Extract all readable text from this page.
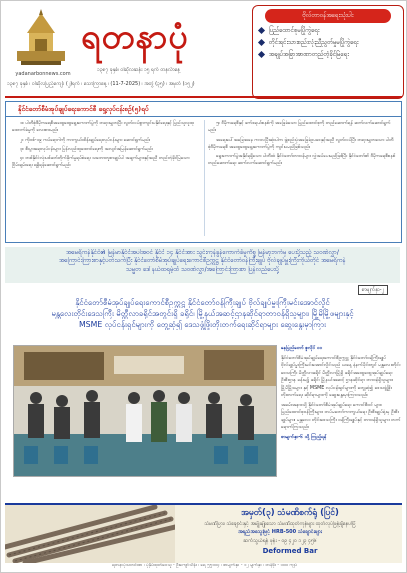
yadanarbonnews.com
ရတနာပုံ
၁၃၈၇ ခုနှစ်၊ ဝါဆိုလဆန်း ၁၅ ရက် တနင်္လာနေ့
၁၃၈၇ ခုနှစ် ၊ ဝါဆိုလပြည့်ကျော် (၂)ရက် ၊ သောကြာနေ့ ၊ (11-7-2025) ၊ အတွဲ (၃၅) ၊ အမှတ် (၁၅၂)
ဗိုလ်တာဝန်အရေးသုံးပါး
ပြည်ထောင်စုမပြိုကွဲရေး
တိုင်းရင်းသားစည်းလုံးညီညွတ်မှုမပြိုကွဲရေး
အချုပ်အခြာအာဏာတည်တံ့ခိုင်မြဲရေး
နိုင်ငံတော်စီမံအုပ်ချုပ်ရေးကောင်စီ ရှေ့လုပ်ငန်းစဉ်(၅)ရပ်

၁။ ပါတီစုံဒီမိုကရေစီအထွေထွေရွေးကောက်ပွဲကို တရားမျှတပြီး လွတ်လပ်စွာကျင်းပနိုင်ရေးနှင့် ပြည်သူလူထုထောက်ခံမှုကို လေးစားမည်။

၂။ ကိုဗစ်-၁၉ ကပ်ရောဂါကို ကာကွယ်ထိန်းချုပ်ရေးလုပ်ငန်းများ ဆောင်ရွက်မည်။

၃။ စီးပွားရေးလုပ်ငန်းများ ပြန်လည်ထူထောင်ရေးကို အလျင်အမြန်ဆောင်ရွက်မည်။

၄။ တစ်နိုင်ငံလုံးပစ်ခတ်တိုက်ခိုက်မှုရပ်စဲရေး သဘောတူစာချုပ်ပါ အချက်များနှင့်အညီ တည်တံ့ခိုင်မြဲသော ငြိမ်းချမ်းရေး ရရှိရန်ဆောင်ရွက်မည်။

၅။ ဒီမိုကရေစီနှင့် ဖက်ဒရယ်စနစ်ကို အခြေခံသော ပြည်ထောင်စုကို တည်ဆောက်ရန် ဆက်လက်ဆောင်ရွက်မည်။

အရေးပေါ်အခြေအနေ ကာလပြီးဆုံးပါက ဖွဲ့စည်းပုံအခြေခံဥပဒေနှင့်အညီ လွတ်လပ်ပြီး တရားမျှတသော ပါတီစုံဒီမိုကရေစီ အထွေထွေရွေးကောက်ပွဲကို ကျင်းပမည်ဖြစ်သည်။

ရွေးကောက်ပွဲအနိုင်ရရှိသော ပါတီထံ နိုင်ငံတော်တာဝန်များ လွှဲအပ်ပေးမည်ဖြစ်ပြီး နိုင်ငံတော်၏ ဒီမိုကရေစီစနစ် တည်ဆောက်ရေး ဆက်လက်ဆောင်ရွက်မည်။

အမေရိကန်နိုင်ငံ၏ မြန်မာနိုင်ငံအပါအဝင် နိုင်ငံ ၁၄ နိုင်ငံအား သွင်းကုန်ခွန်ကောက်ခံမှုကိစ္စ မြန်မာ့ဘက်မှ ပေးပို့သည့် သဝဏ်လွှာ/
အကြောင်းကြားစာနှင့်ပတ်သက်ပြီး နိုင်ငံတော်စီမံအုပ်ချုပ်ရေးကောင်စီဥက္ကဋ္ဌ နိုင်ငံတော်ဝန်ကြီးချုပ် ဗိုလ်ချုပ်မှူးကြီးကိုယ်တိုင် အမေရိကန်
သမ္မတ ဒေါ်နယ်ထရမ့်ထံ သဝဏ်လွှာ/အကြောင်းကြားစာ ပြန်လည်ပေးပို့
စာမျက်နှာ-၂
နိုင်ငံတော်စီမံအုပ်ချုပ်ရေးကောင်စီဥက္ကဋ္ဌ နိုင်ငံတော်ဝန်ကြီးချုပ် ဗိုလ်ချုပ်မှူးကြီးမင်းအောင်လှိုင်
မန္တလေးတိုင်းဒေသကြီး မိတ္ထီလာခရိုင်အတွင်းရှိ ခရိုင်၊ မြို့နယ်အဆင့်ဌာနဆိုင်ရာတာဝန်ရှိသူများ၊ မြို့မိမြို့ဖများနှင့်
MSME လုပ်ငန်းရှင်များကို တွေ့ဆုံ၍ ဒေသဖွံ့ဖြိုးတိုးတက်ရေးဆိုင်ရာများ ဆွေးနွေးမှာကြား

နေပြည်တော် ဇူလိုင် ၁၀

နိုင်ငံတော်စီမံအုပ်ချုပ်ရေးကောင်စီဥက္ကဋ္ဌ နိုင်ငံတော်ဝန်ကြီးချုပ် ဗိုလ်ချုပ်မှူးကြီးမင်းအောင်လှိုင်သည် ယနေ့ နံနက်ပိုင်းတွင် မန္တလေးတိုင်းဒေသကြီး မိတ္ထီလာခရိုင် မိတ္ထီလာမြို့ရှိ ခရိုင်အထွေထွေအုပ်ချုပ်ရေးဦးစီးဌာန ခန်းမ၌ ခရိုင်၊ မြို့နယ်အဆင့် ဌာနဆိုင်ရာ တာဝန်ရှိသူများ၊ မြို့မိမြို့ဖများ နှင့် MSME လုပ်ငန်းရှင်များကို တွေ့ဆုံ၍ ဒေသဖွံ့ဖြိုးတိုးတက်ရေး ဆိုင်ရာများကို ဆွေးနွေးမှာကြားသည်။

အခမ်းအနားသို့ နိုင်ငံတော်စီမံအုပ်ချုပ်ရေး ကောင်စီဝင် များ၊ ပြည်ထောင်စုဝန်ကြီးများ၊ တပ်မတော်ကာကွယ်ရေး ဦးစီးချုပ်ရုံးမှ ဦးစီးချုပ်များ၊ မန္တလေး တိုင်းဒေသကြီး ဝန်ကြီးချုပ်နှင့် တာဝန်ရှိသူများ တက်ရောက်ကြသည်။

စာမျက်နှာ-၆ သို့ ကြည့်ရန်

အမှတ်(၃) သံမဏိစက်ရုံ (ပြင်)
သံမဏိပြား၊ သံချောင်းနှင့် အမျိုးမျိုးသော သံမဏိထုတ်ကုန်များ ထုတ်လုပ်ဖြန့်ချိနေပါပြီ
အရည်အသွေးမြင့် HRB-500 သံချောင်းများ
ဆက်သွယ်ရန် ဖုန်း - ၀၉ ၄၂၀ ၁၂၃ ၄၅၆
Deformed Bar
ရတနာပုံသတင်းစာ ၊ ပုံနှိပ်ထုတ်ဝေသူ - ဦးကျော်သိန်း ၊ ရေ ၅၅၁၀၄ ၊ စာမျက်နှာ - ၁၂ မျက်နှာ ၊ တန်ဖိုး - ၁၀၀ ကျပ်
